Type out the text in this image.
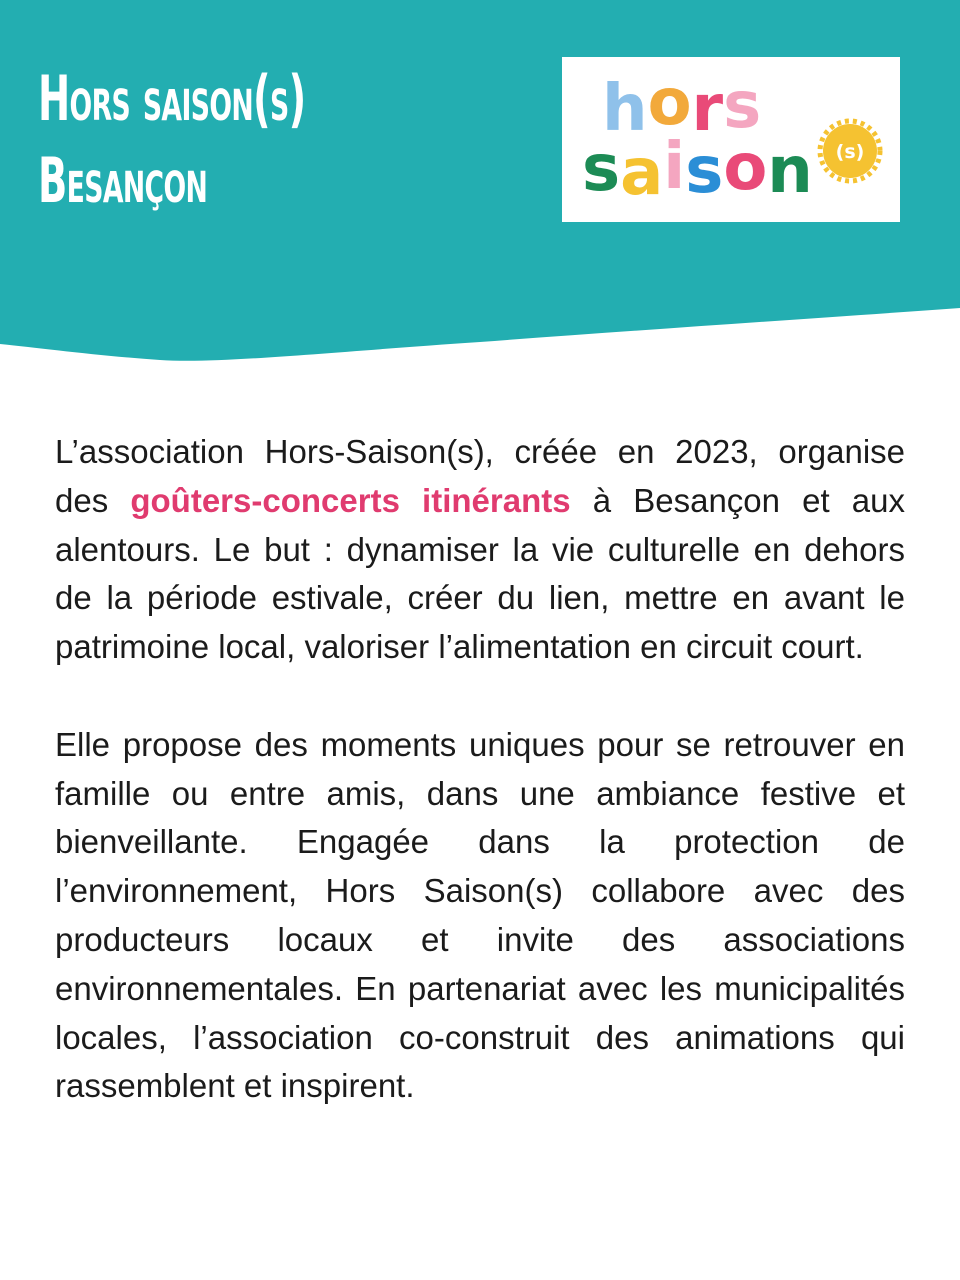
Hors saison(s)
Besançon
hors
saison (s)

L’association Hors-Saison(s), créée en 2023, organise des goûters-concerts itinérants à Besançon et aux alentours. Le but : dynamiser la vie culturelle en dehors de la période estivale, créer du lien, mettre en avant le patrimoine local, valoriser l’alimentation en circuit court.

Elle propose des moments uniques pour se retrouver en famille ou entre amis, dans une ambiance festive et bienveillante. Engagée dans la protection de l’environnement, Hors Saison(s) collabore avec des producteurs locaux et invite des associations environnementales. En partenariat avec les municipalités locales, l’association co-construit des animations qui rassemblent et inspirent.
